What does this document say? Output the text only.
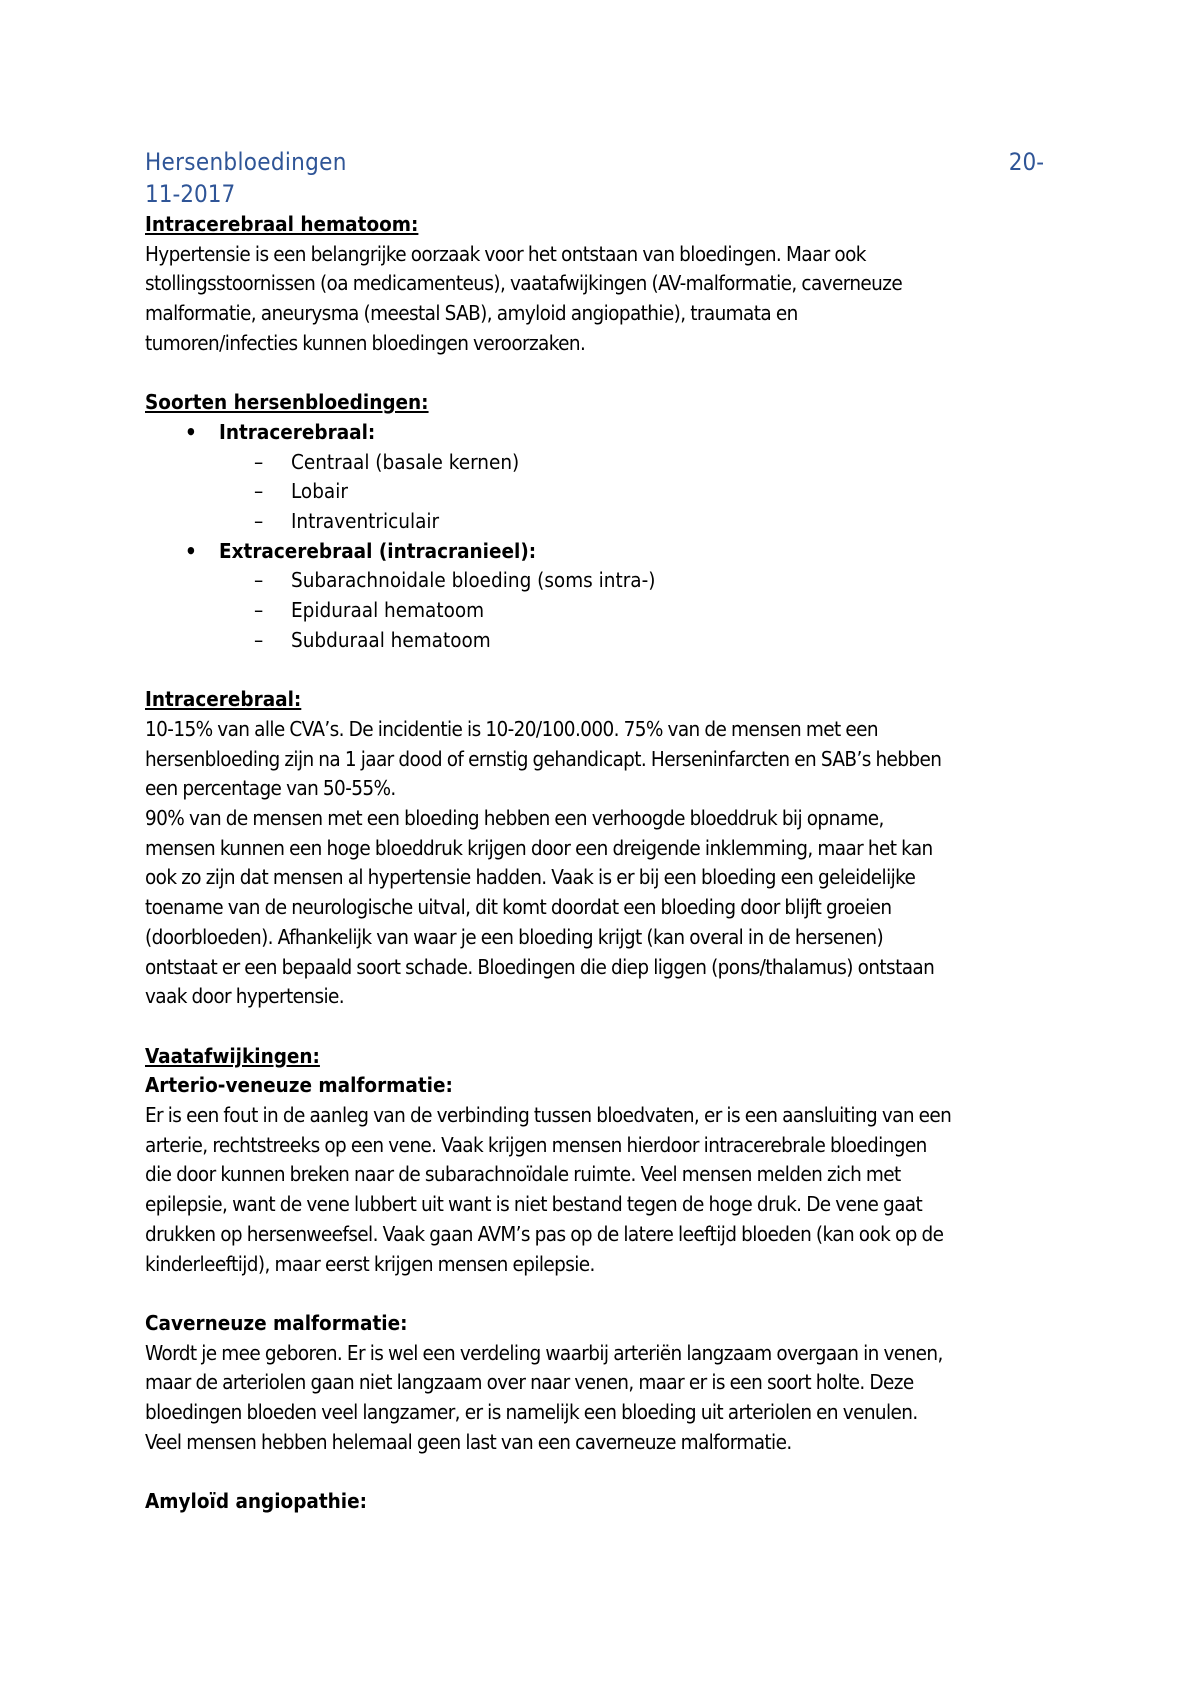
Hersenbloedingen	20-
11-2017

Intracerebraal hematoom:

Hypertensie is een belangrijke oorzaak voor het ontstaan van bloedingen. Maar ook

stollingsstoornissen (oa medicamenteus), vaatafwijkingen (AV-malformatie, caverneuze

malformatie, aneurysma (meestal SAB), amyloid angiopathie), traumata en

tumoren/infecties kunnen bloedingen veroorzaken.

Soorten hersenbloedingen:

• Intracerebraal:
– Centraal (basale kernen)
– Lobair
– Intraventriculair
• Extracerebraal (intracranieel):
– Subarachnoidale bloeding (soms intra-)
– Epiduraal hematoom
– Subduraal hematoom

Intracerebraal:

10-15% van alle CVA’s. De incidentie is 10-20/100.000. 75% van de mensen met een

hersenbloeding zijn na 1 jaar dood of ernstig gehandicapt. Herseninfarcten en SAB’s hebben

een percentage van 50-55%.

90% van de mensen met een bloeding hebben een verhoogde bloeddruk bij opname,

mensen kunnen een hoge bloeddruk krijgen door een dreigende inklemming, maar het kan

ook zo zijn dat mensen al hypertensie hadden. Vaak is er bij een bloeding een geleidelijke

toename van de neurologische uitval, dit komt doordat een bloeding door blijft groeien

(doorbloeden). Afhankelijk van waar je een bloeding krijgt (kan overal in de hersenen)

ontstaat er een bepaald soort schade. Bloedingen die diep liggen (pons/thalamus) ontstaan

vaak door hypertensie.

Vaatafwijkingen:

Arterio-veneuze malformatie:

Er is een fout in de aanleg van de verbinding tussen bloedvaten, er is een aansluiting van een

arterie, rechtstreeks op een vene. Vaak krijgen mensen hierdoor intracerebrale bloedingen

die door kunnen breken naar de subarachnoïdale ruimte. Veel mensen melden zich met

epilepsie, want de vene lubbert uit want is niet bestand tegen de hoge druk. De vene gaat

drukken op hersenweefsel. Vaak gaan AVM’s pas op de latere leeftijd bloeden (kan ook op de

kinderleeftijd), maar eerst krijgen mensen epilepsie.

Caverneuze malformatie:

Wordt je mee geboren. Er is wel een verdeling waarbij arteriën langzaam overgaan in venen,

maar de arteriolen gaan niet langzaam over naar venen, maar er is een soort holte. Deze

bloedingen bloeden veel langzamer, er is namelijk een bloeding uit arteriolen en venulen.

Veel mensen hebben helemaal geen last van een caverneuze malformatie.

Amyloïd angiopathie:
